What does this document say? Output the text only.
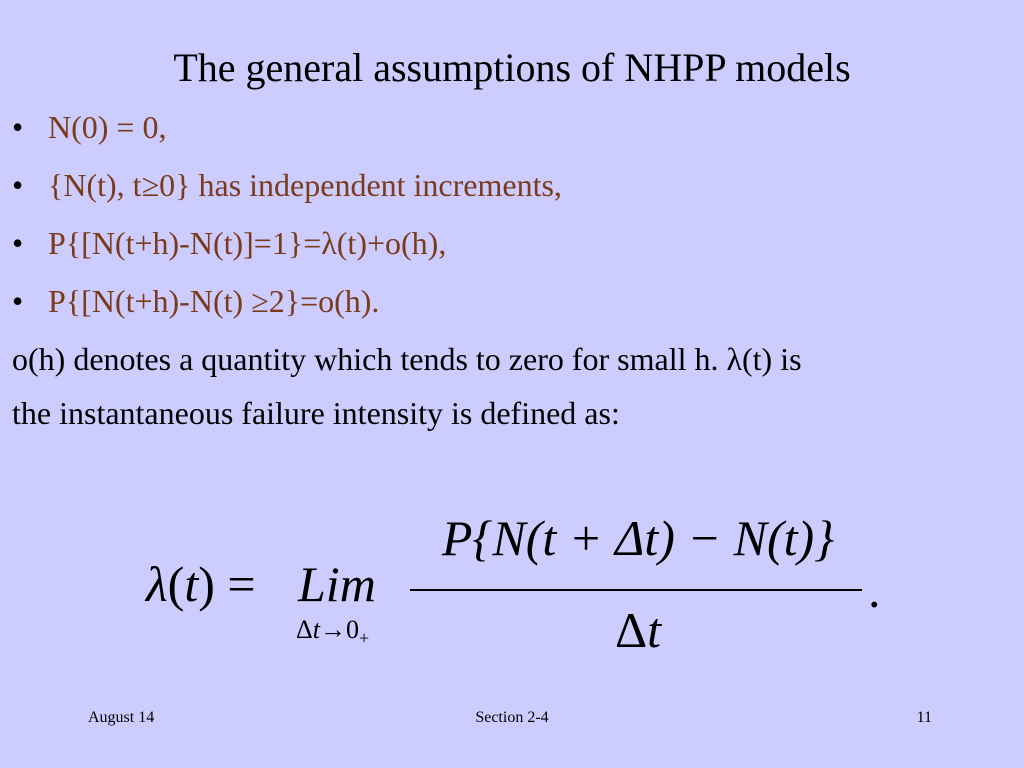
The general assumptions of NHPP models
• N(0) = 0,
• {N(t), t≥0} has independent increments,
• P{[N(t+h)-N(t)]=1}=λ(t)+o(h),
• P{[N(t+h)-N(t) ≥2}=o(h).
o(h) denotes a quantity which tends to zero for small h. λ(t) is
the instantaneous failure intensity is defined as:
λ(t) = Lim
$\Delta t\to 0_+$
P{N(t + Δt) − N(t)}
Δt
.
August 14	Section 2-4	11
